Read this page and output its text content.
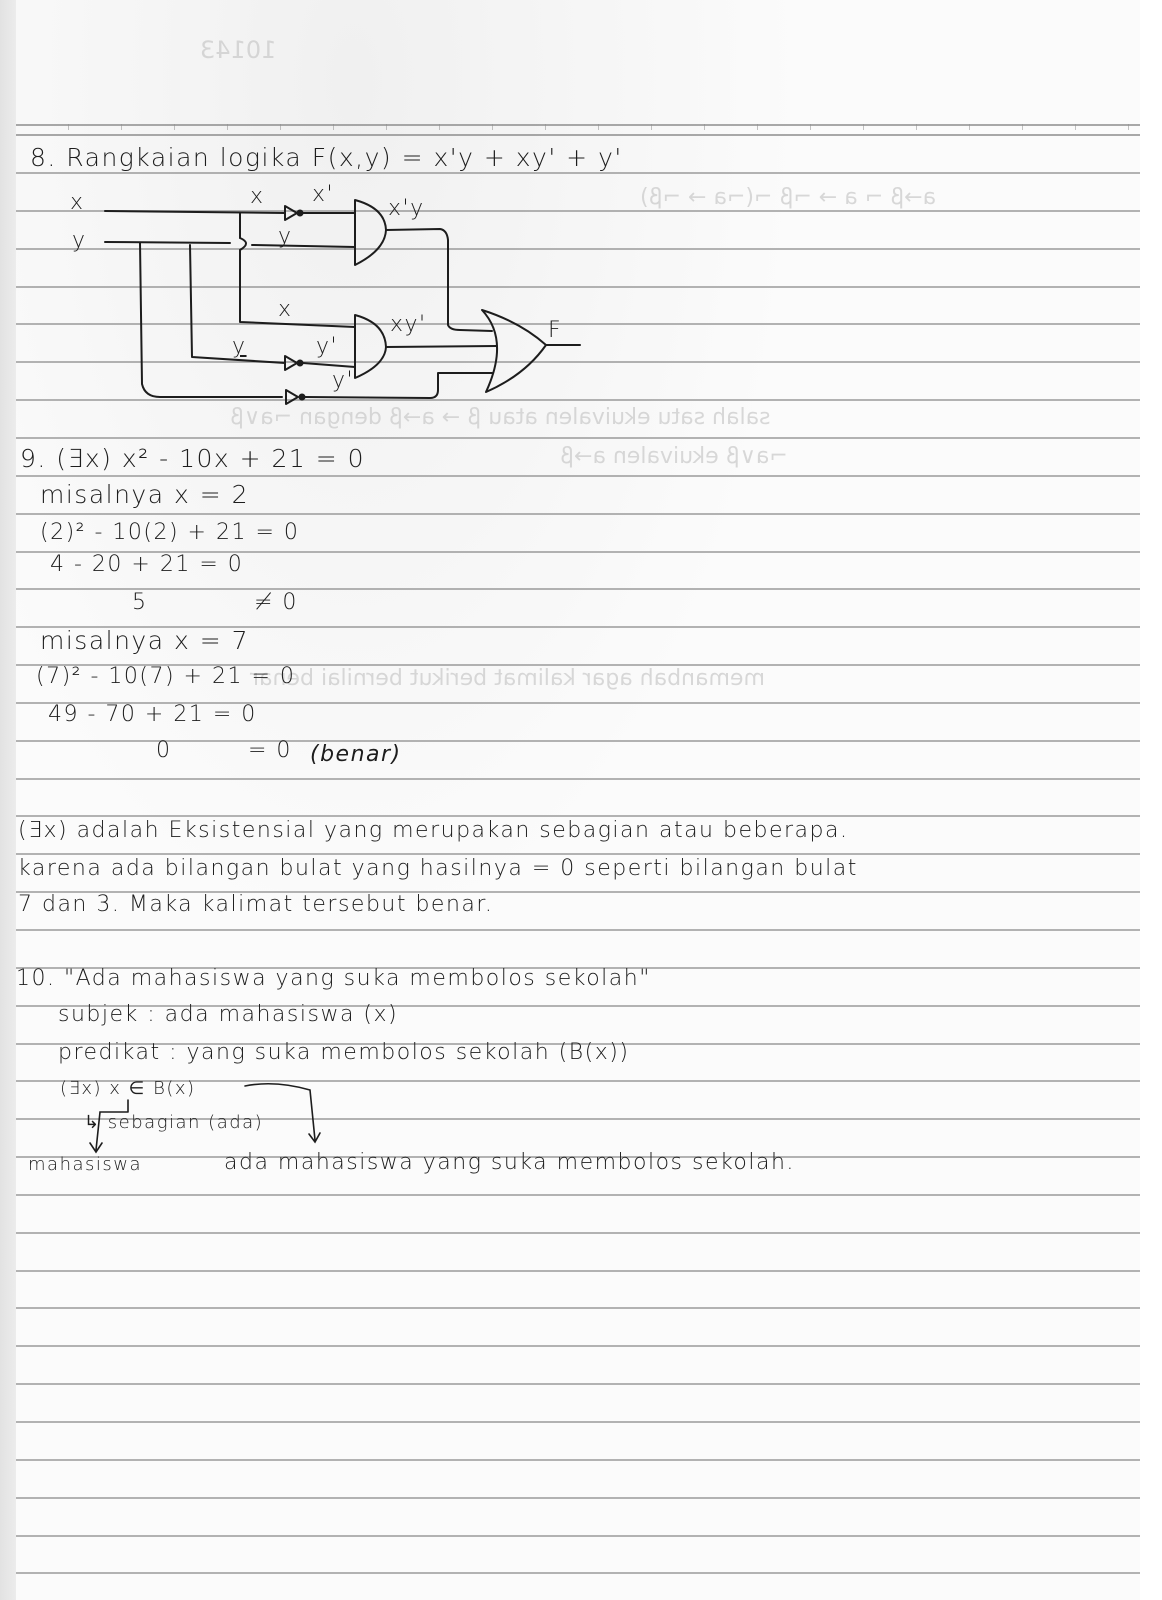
10143
a→β ¬ a → ¬β ¬(¬a → ¬β)
salah satu ekuivalen atau β → a→β dengan ¬a∨β
¬a∨β ekuivalen a→β
memanbah agar kalimat berikut bernilai benar
8. Rangkaian logika F(x,y) = x'y + xy' + y'
x
y
x x'
y
x'y
x
xy'
y	y'
y'
F
9. (∃x) x² - 10x + 21 = 0
misalnya x = 2
(2)² - 10(2) + 21 = 0
4 - 20 + 21 = 0
5	≠ 0
misalnya x = 7
(7)² - 10(7) + 21 = 0
49 - 70 + 21 = 0
0	= 0 (benar)
(∃x) adalah Eksistensial yang merupakan sebagian atau beberapa.
karena ada bilangan bulat yang hasilnya = 0 seperti bilangan bulat
7 dan 3. Maka kalimat tersebut benar.
10. "Ada mahasiswa yang suka membolos sekolah"
subjek : ada mahasiswa (x)
predikat : yang suka membolos sekolah (B(x))
(∃x) x ∈ B(x)
↳ sebagian (ada)
mahasiswa	ada mahasiswa yang suka membolos sekolah.
